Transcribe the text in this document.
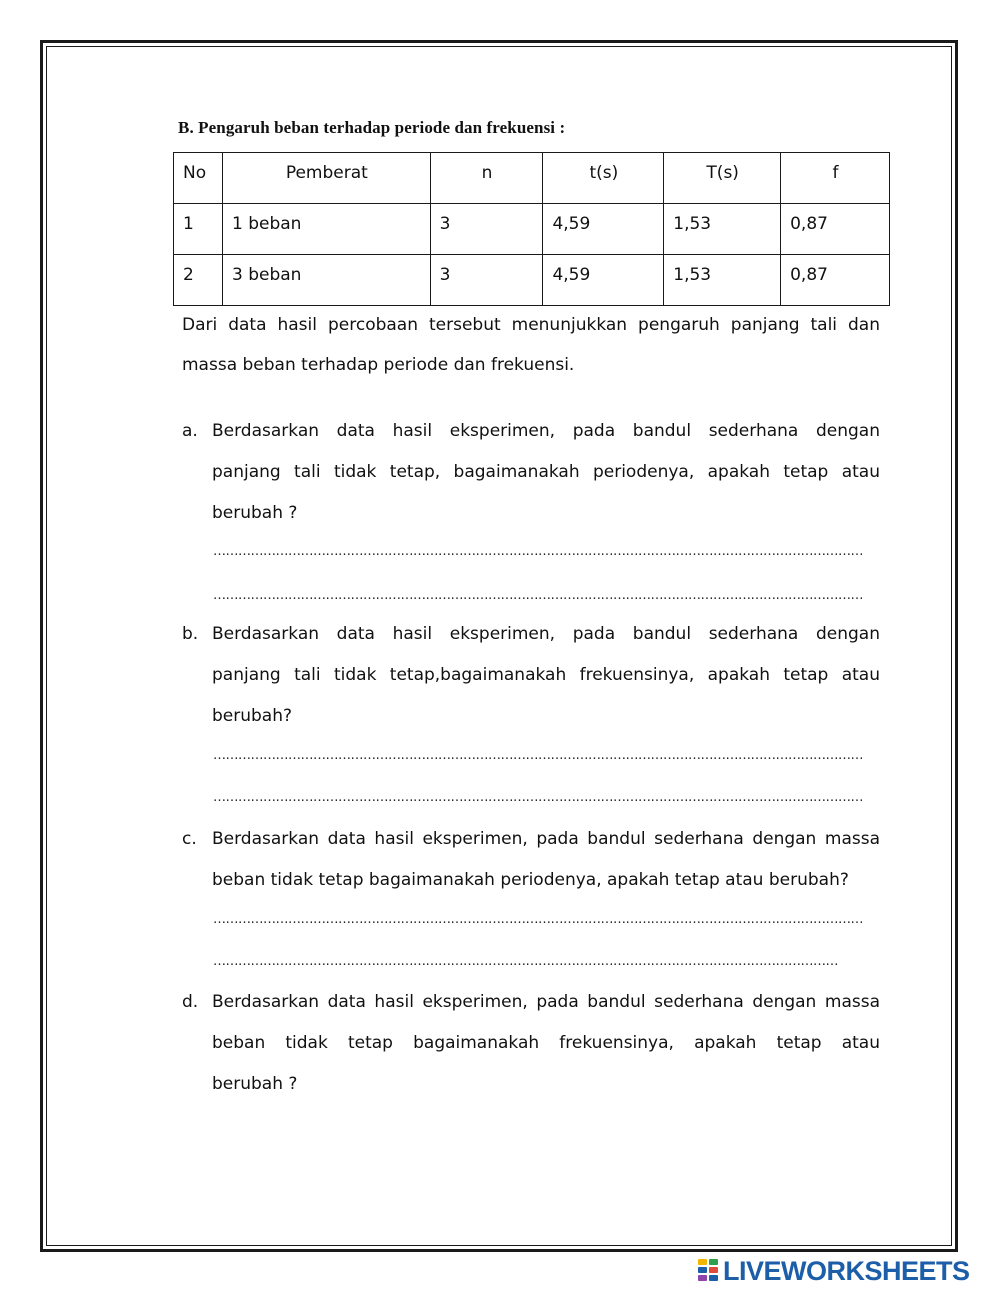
B. Pengaruh beban terhadap periode dan frekuensi :
No	Pemberat	n	t(s)	T(s)	f
1	1 beban	3	4,59	1,53	0,87
2	3 beban	3	4,59	1,53	0,87
Dari data hasil percobaan tersebut menunjukkan pengaruh panjang tali dan
massa beban terhadap periode dan frekuensi.
a. Berdasarkan data hasil eksperimen, pada bandul sederhana dengan
panjang tali tidak tetap, bagaimanakah periodenya, apakah tetap atau
berubah ?
…………………………………………………………………………………………………………………………………………
…………………………………………………………………………………………………………………………………………
b. Berdasarkan data hasil eksperimen, pada bandul sederhana dengan
panjang tali tidak tetap,bagaimanakah frekuensinya, apakah tetap atau
berubah?
…………………………………………………………………………………………………………………………………………
…………………………………………………………………………………………………………………………………………
c. Berdasarkan data hasil eksperimen, pada bandul sederhana dengan massa
beban tidak tetap bagaimanakah periodenya, apakah tetap atau berubah?
…………………………………………………………………………………………………………………………………………
……………………………………………………………………………………………………………………………………
d. Berdasarkan data hasil eksperimen, pada bandul sederhana dengan massa
beban tidak tetap bagaimanakah frekuensinya, apakah tetap atau
berubah ?
LIVEWORKSHEETS
